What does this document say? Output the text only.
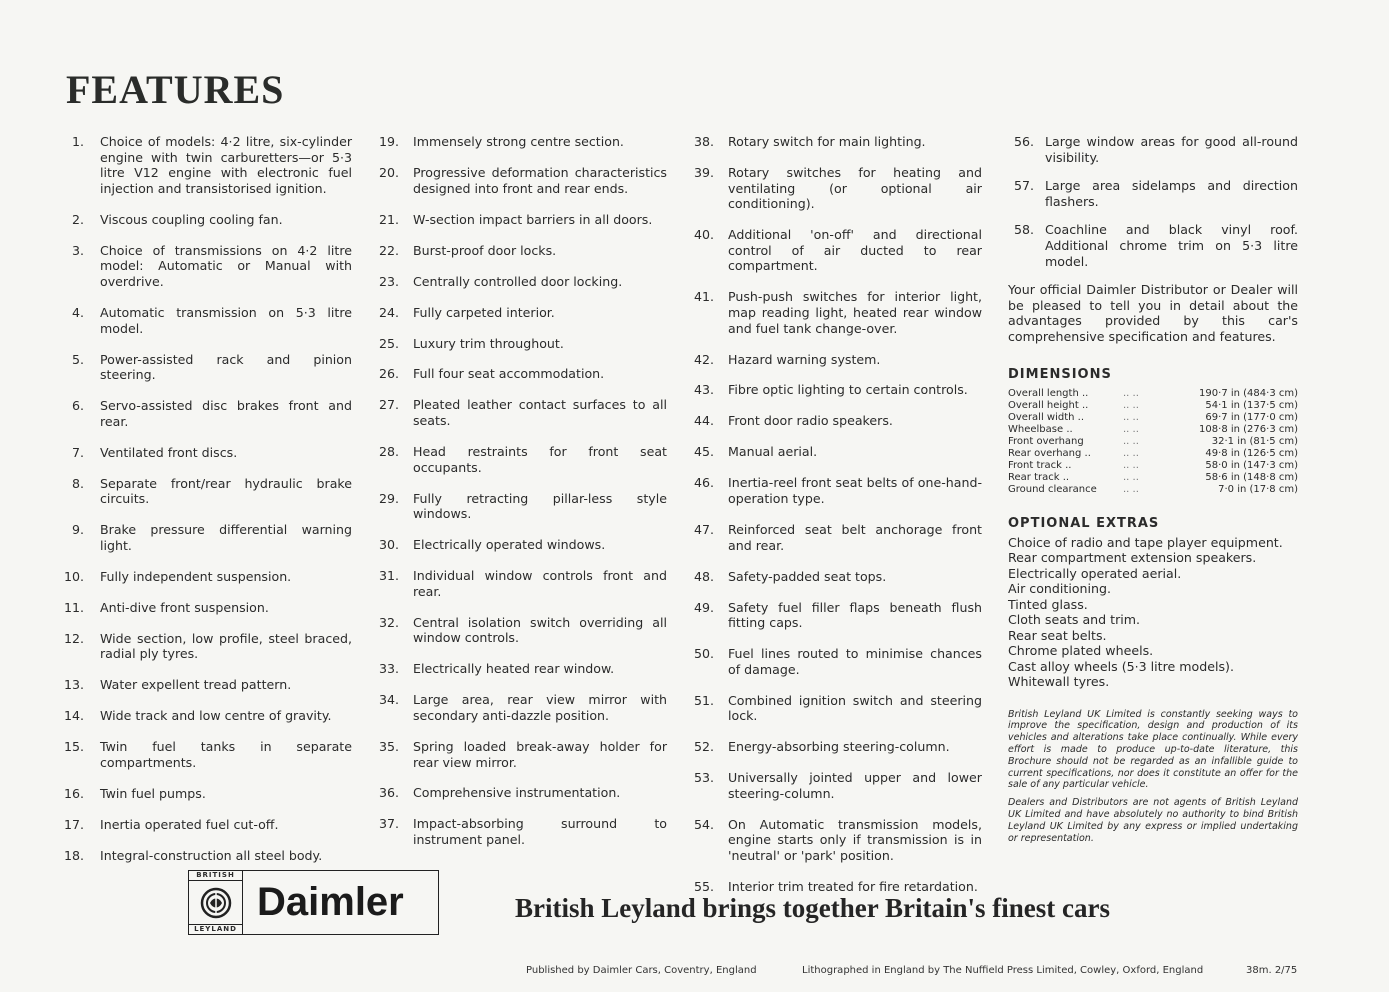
FEATURES
1. Choice of models: 4·2 litre, six-cylinder engine with twin carburetters—or 5·3 litre V12 engine with electronic fuel injection and transistorised ignition.
2. Viscous coupling cooling fan.
3. Choice of transmissions on 4·2 litre model: Automatic or Manual with overdrive.
4. Automatic transmission on 5·3 litre model.
5. Power-assisted rack and pinion steering.
6. Servo-assisted disc brakes front and rear.
7. Ventilated front discs.
8. Separate front/rear hydraulic brake circuits.
9. Brake pressure differential warning light.
10. Fully independent suspension.
11. Anti-dive front suspension.
12. Wide section, low profile, steel braced, radial ply tyres.
13. Water expellent tread pattern.
14. Wide track and low centre of gravity.
15. Twin fuel tanks in separate compartments.
16. Twin fuel pumps.
17. Inertia operated fuel cut-off.
18. Integral-construction all steel body.
19. Immensely strong centre section.
20. Progressive deformation characteristics designed into front and rear ends.
21. W-section impact barriers in all doors.
22. Burst-proof door locks.
23. Centrally controlled door locking.
24. Fully carpeted interior.
25. Luxury trim throughout.
26. Full four seat accommodation.
27. Pleated leather contact surfaces to all seats.
28. Head restraints for front seat occupants.
29. Fully retracting pillar-less style windows.
30. Electrically operated windows.
31. Individual window controls front and rear.
32. Central isolation switch overriding all window controls.
33. Electrically heated rear window.
34. Large area, rear view mirror with secondary anti-dazzle position.
35. Spring loaded break-away holder for rear view mirror.
36. Comprehensive instrumentation.
37. Impact-absorbing surround to instrument panel.
38. Rotary switch for main lighting.
39. Rotary switches for heating and ventilating (or optional air conditioning).
40. Additional 'on-off' and directional control of air ducted to rear compartment.
41. Push-push switches for interior light, map reading light, heated rear window and fuel tank change-over.
42. Hazard warning system.
43. Fibre optic lighting to certain controls.
44. Front door radio speakers.
45. Manual aerial.
46. Inertia-reel front seat belts of one-hand-operation type.
47. Reinforced seat belt anchorage front and rear.
48. Safety-padded seat tops.
49. Safety fuel filler flaps beneath flush fitting caps.
50. Fuel lines routed to minimise chances of damage.
51. Combined ignition switch and steering lock.
52. Energy-absorbing steering-column.
53. Universally jointed upper and lower steering-column.
54. On Automatic transmission models, engine starts only if transmission is in 'neutral' or 'park' position.
55. Interior trim treated for fire retardation.
56. Large window areas for good all-round visibility.
57. Large area sidelamps and direction flashers.
58. Coachline and black vinyl roof. Additional chrome trim on 5·3 litre model.
Your official Daimler Distributor or Dealer will be pleased to tell you in detail about the advantages provided by this car's comprehensive specification and features.
DIMENSIONS
Overall length ..	.. ..	190·7 in (484·3 cm)
Overall height ..	.. ..	54·1 in (137·5 cm)
Overall width ..	.. ..	69·7 in (177·0 cm)
Wheelbase ..	.. ..	108·8 in (276·3 cm)
Front overhang	.. ..	32·1 in (81·5 cm)
Rear overhang ..	.. ..	49·8 in (126·5 cm)
Front track ..	.. ..	58·0 in (147·3 cm)
Rear track ..	.. ..	58·6 in (148·8 cm)
Ground clearance	.. ..	7·0 in (17·8 cm)
OPTIONAL EXTRAS
Choice of radio and tape player equipment.
Rear compartment extension speakers.
Electrically operated aerial.
Air conditioning.
Tinted glass.
Cloth seats and trim.
Rear seat belts.
Chrome plated wheels.
Cast alloy wheels (5·3 litre models).
Whitewall tyres.
British Leyland UK Limited is constantly seeking ways to improve the specification, design and production of its vehicles and alterations take place continually. While every effort is made to produce up-to-date literature, this Brochure should not be regarded as an infallible guide to current specifications, nor does it constitute an offer for the sale of any particular vehicle.
Dealers and Distributors are not agents of British Leyland UK Limited and have absolutely no authority to bind British Leyland UK Limited by any express or implied undertaking or representation.
BRITISH
LEYLAND
Daimler	British Leyland brings together Britain's finest cars
Published by Daimler Cars, Coventry, England	Lithographed in England by The Nuffield Press Limited, Cowley, Oxford, England	38m. 2/75
